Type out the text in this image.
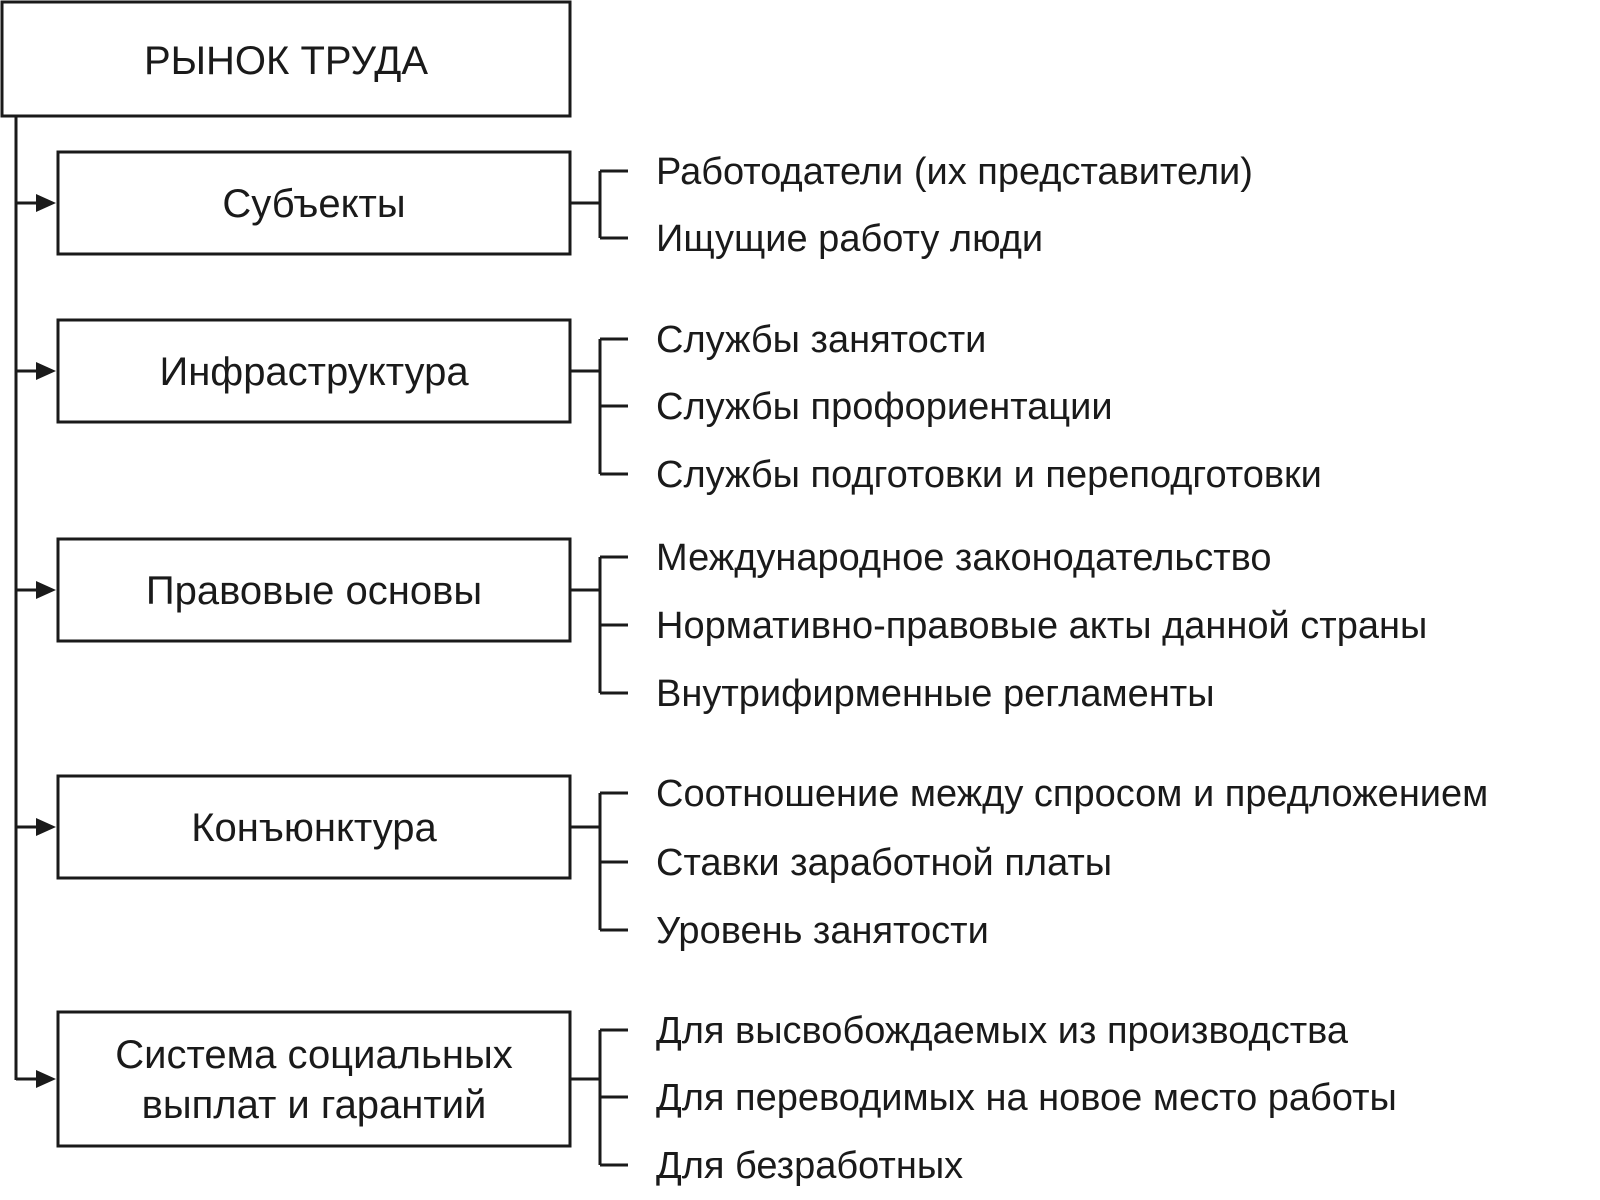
РЫНОК ТРУДА
Субъекты
Работодатели (их представители)
Ищущие работу люди
Инфраструктура
Службы занятости
Службы профориентации
Службы подготовки и переподготовки
Правовые основы
Международное законодательство
Нормативно-правовые акты данной страны
Внутрифирменные регламенты
Конъюнктура
Соотношение между спросом и предложением
Ставки заработной платы
Уровень занятости
Система социальных
выплат и гарантий
Для высвобождаемых из производства
Для переводимых на новое место работы
Для безработных
